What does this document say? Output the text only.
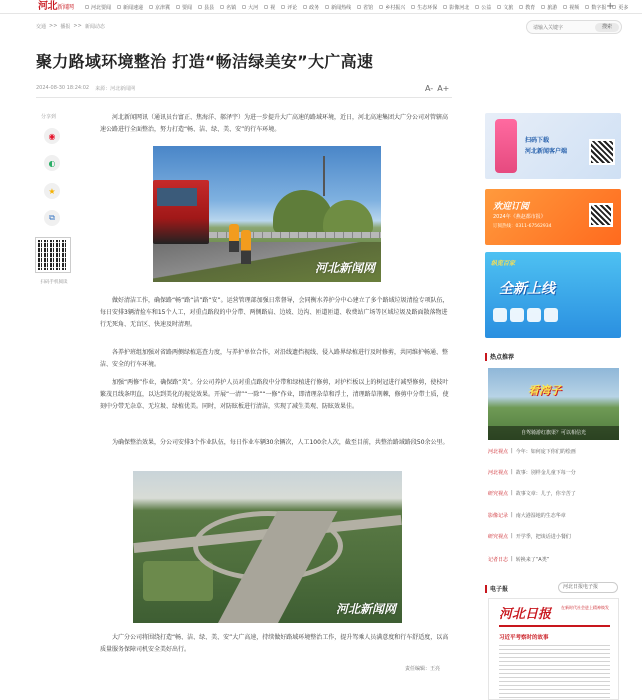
河北新闻网	河北要闻 新闻速递 京津冀 要闻 县县 名镇 大河 视 评论 政务 新闻热线 省馆 乡村振兴 生态环保 影像河北 公益 文旅 教育 旅游 视频 数字报 更多
+
交通 >> 播报 >> 新闻动态
请输入关键字	搜索
聚力路域环境整治 打造“畅洁绿美安”大广高速
2024-08-30 18:24:02 来源：河北新闻网	A- A+
分享到
◉
◐
★
⧉
扫码手机阅读

河北新闻网讯（通讯员台富正、焦海洋、郝泽宇）为进一步提升大广高速的路域环境，近日，河北高速集团大广分公司对管辖高速公路进行全面整治，努力打造“畅、洁、绿、美、安”的行车环境。

河北新闻网

做好清洁工作，确保路“畅”路“洁”路“安”。运营管理部加强日常督导，会同衡水养护分中心建立了多个路域垃圾清捡专项队伍，每日安排3辆清捡车和15个人工，对重点路段的中分带、两侧路肩、边坡、边沟、匝道匝道、收费站广场等区域垃圾及路面散落物进行无死角、无盲区、快速及时清理。

各养护班组加强对省路两侧绿植巡查力度，与养护单位合作，对沿线遗挡视线、侵入路界绿植进行及时修剪，共同维护畅通、整洁、安全的行车环境。

加强“两修”作业，确保路“美”。分公司养护人员对重点路段中分带和绿植进行修剪，对护栏板以上的树冠进行减型修剪，使枝叶繁茂且线条明直，以达到美化的视觉效果。开展“一清”“一除”“一修”作业，即清理杂草和浮土，清理路草荆棘，修剪中分带土质，使刻中分带无杂草、无垃圾、绿植优美。同时，对防眩板进行清洁，实现了减生美观、防眩效果佳。

为确保整治效果，分公司安排3个作业队伍，每日作业车辆30余辆次，人工100余人次，截至目前，共整治路域路段50余公里。

河北新闻网

大广分公司将围绕打造“畅、洁、绿、美、安”大广高速，持续做好路域环境整治工作，提升驾乘人员满意度和行车舒适度，以高质量服务保障司机安全美好出行。

责任编辑：王亮
扫码下载
河北新闻客户端
欢迎订阅
2024年《燕赵都市报》
订阅热线：0311-67562934
纵览百家
全新上线
热点推荐
看湾子
自驾骑游红旗渠？可以相信光
河北视点 | 今年：如何庞下你们的绘画
河北视点 | 故事：别样金儿童下每一分
研究视点 | 故事文章：儿子，你辛苦了
影像记录 | 南大港湿地的生态华章
研究视点 | 开学季，把谈话进小餐们
记者日志 | 转换来了“A类”
电子报	河北日报电子报
河北日报	在新时代社会进上精神焕发
习近平考察时的故事
